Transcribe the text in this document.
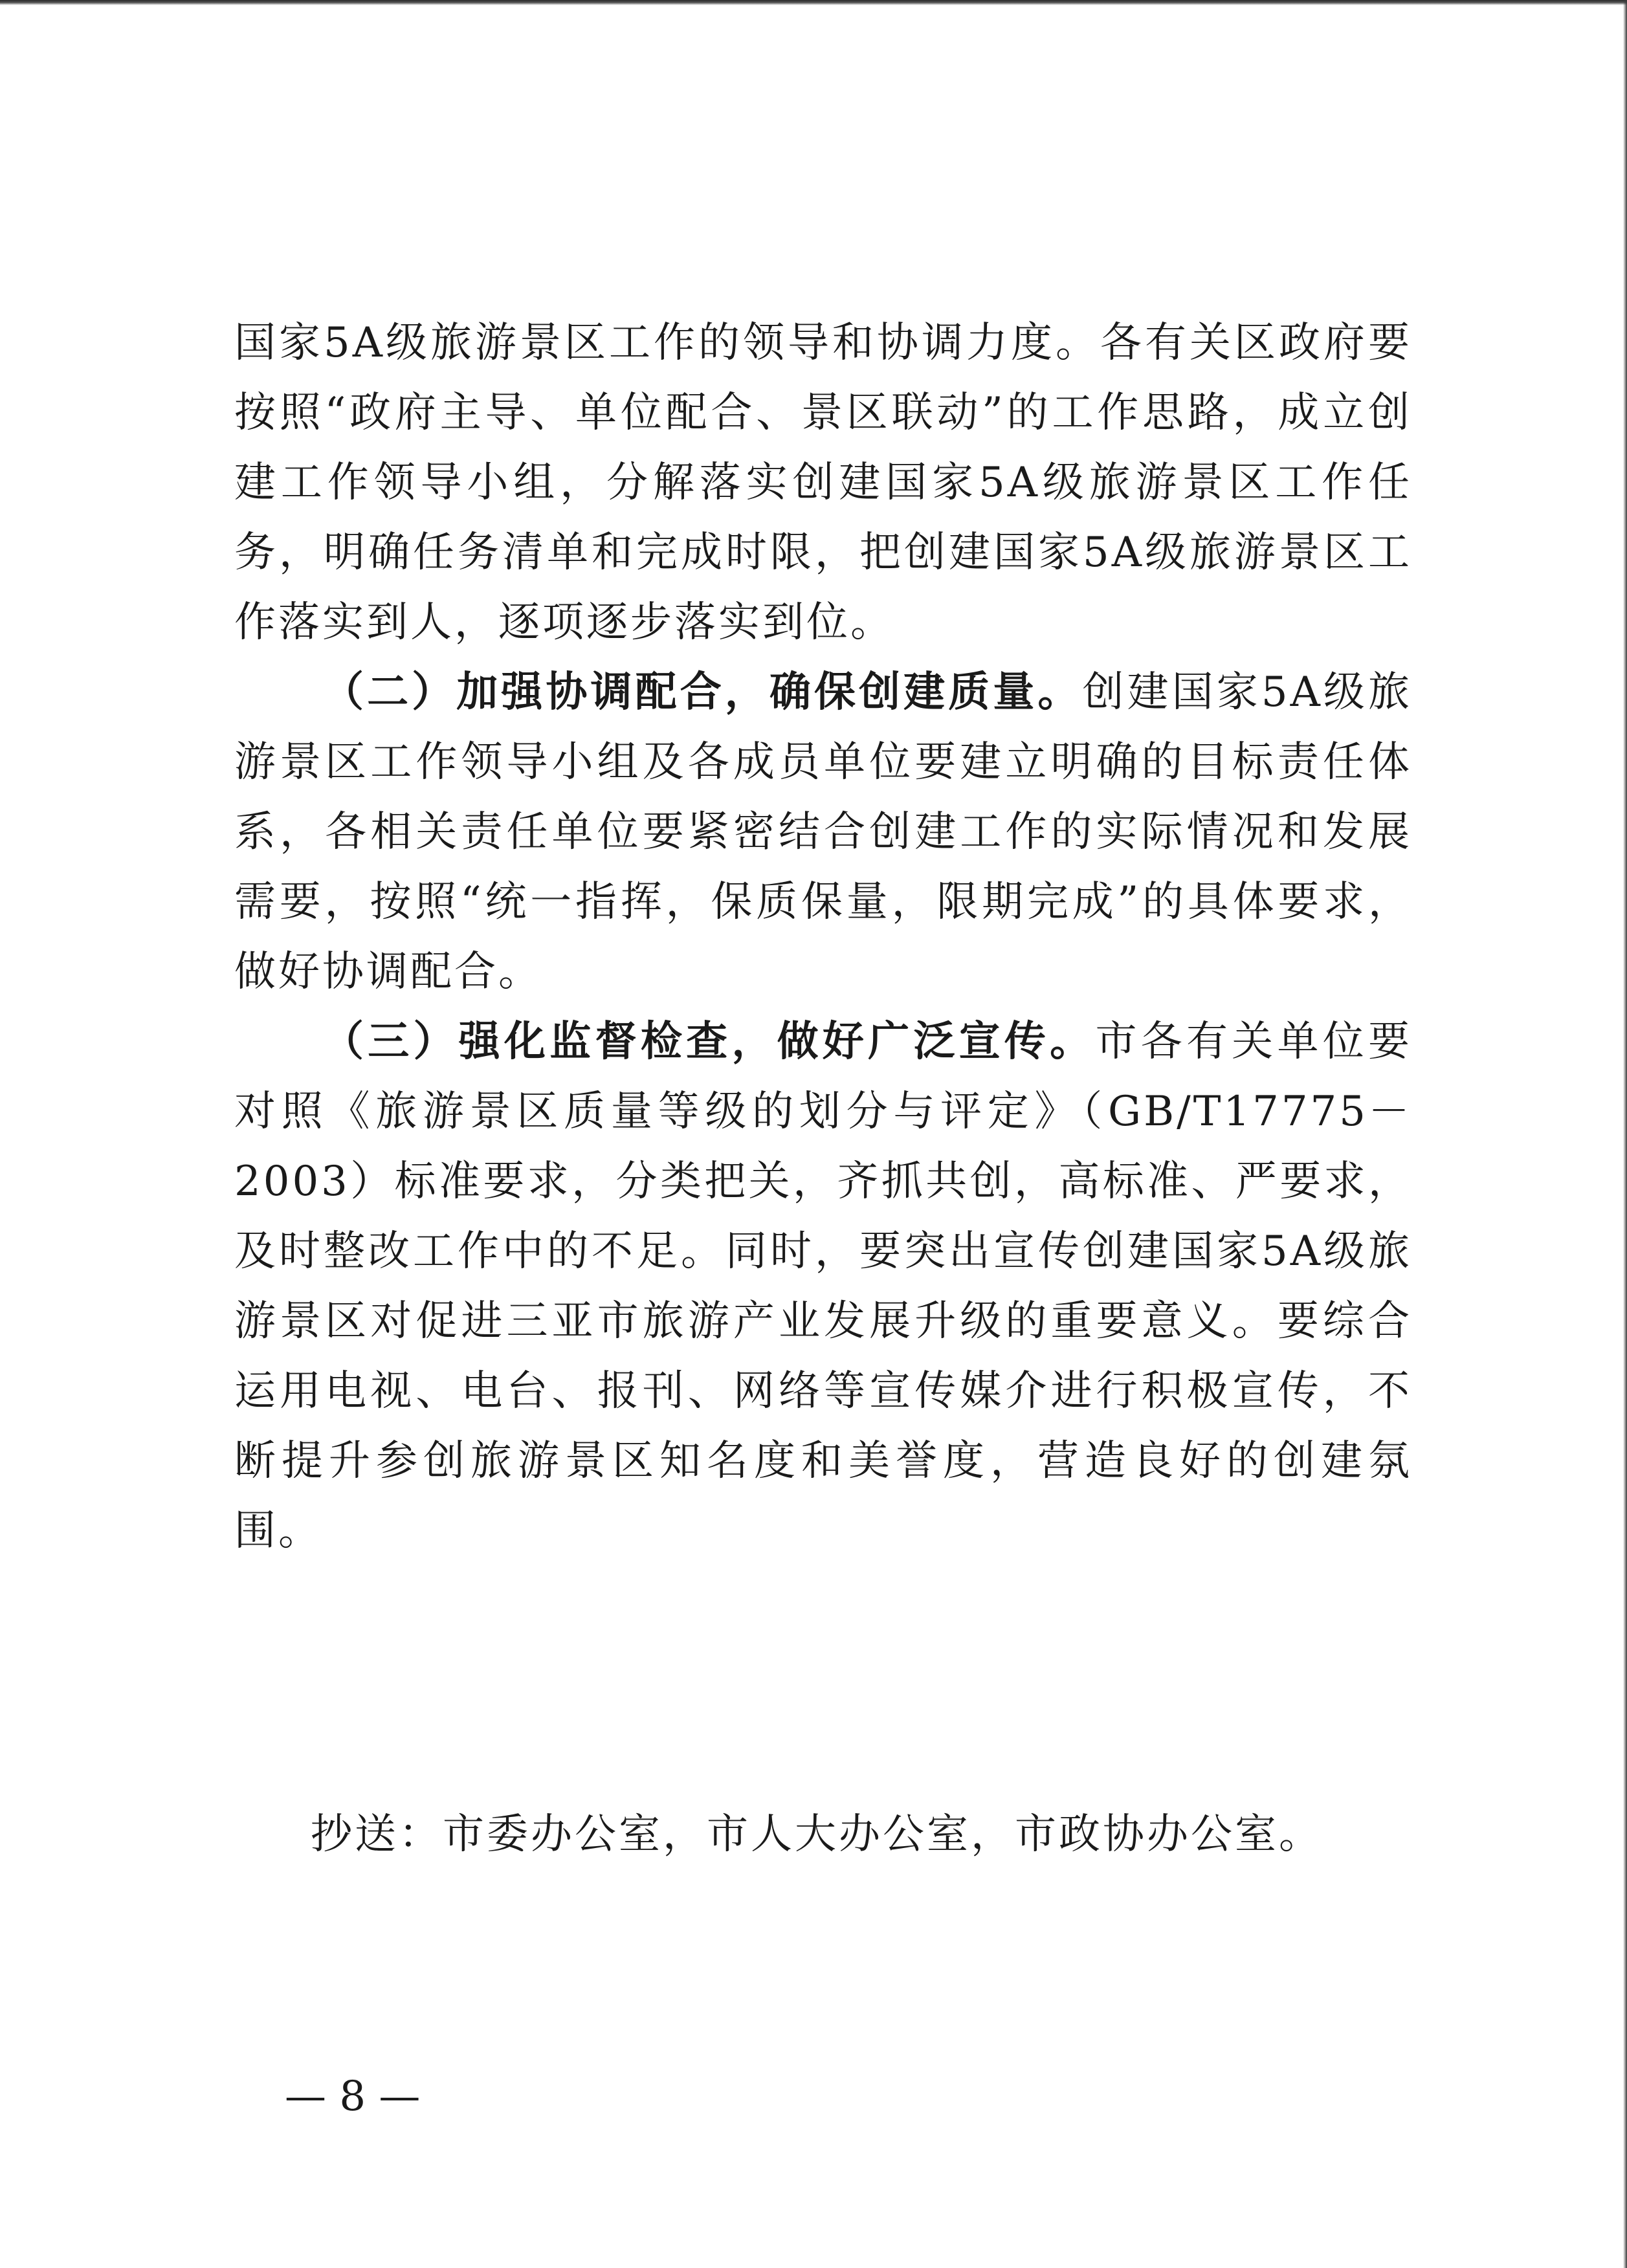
国家5A级旅游景区工作的领导和协调力度。各有关区政府要按照“政府主导、单位配合、景区联动”的工作思路，成立创建工作领导小组，分解落实创建国家5A级旅游景区工作任务，明确任务清单和完成时限，把创建国家5A级旅游景区工作落实到人，逐项逐步落实到位。

（二）加强协调配合，确保创建质量。创建国家5A级旅游景区工作领导小组及各成员单位要建立明确的目标责任体系，各相关责任单位要紧密结合创建工作的实际情况和发展需要，按照“统一指挥，保质保量，限期完成”的具体要求，做好协调配合。

（三）强化监督检查，做好广泛宣传。市各有关单位要对照《旅游景区质量等级的划分与评定》（GB/T17775－2003）标准要求，分类把关，齐抓共创，高标准、严要求，及时整改工作中的不足。同时，要突出宣传创建国家5A级旅游景区对促进三亚市旅游产业发展升级的重要意义。要综合运用电视、电台、报刊、网络等宣传媒介进行积极宣传，不断提升参创旅游景区知名度和美誉度，营造良好的创建氛围。

抄送：市委办公室，市人大办公室，市政协办公室。
— 8 —
